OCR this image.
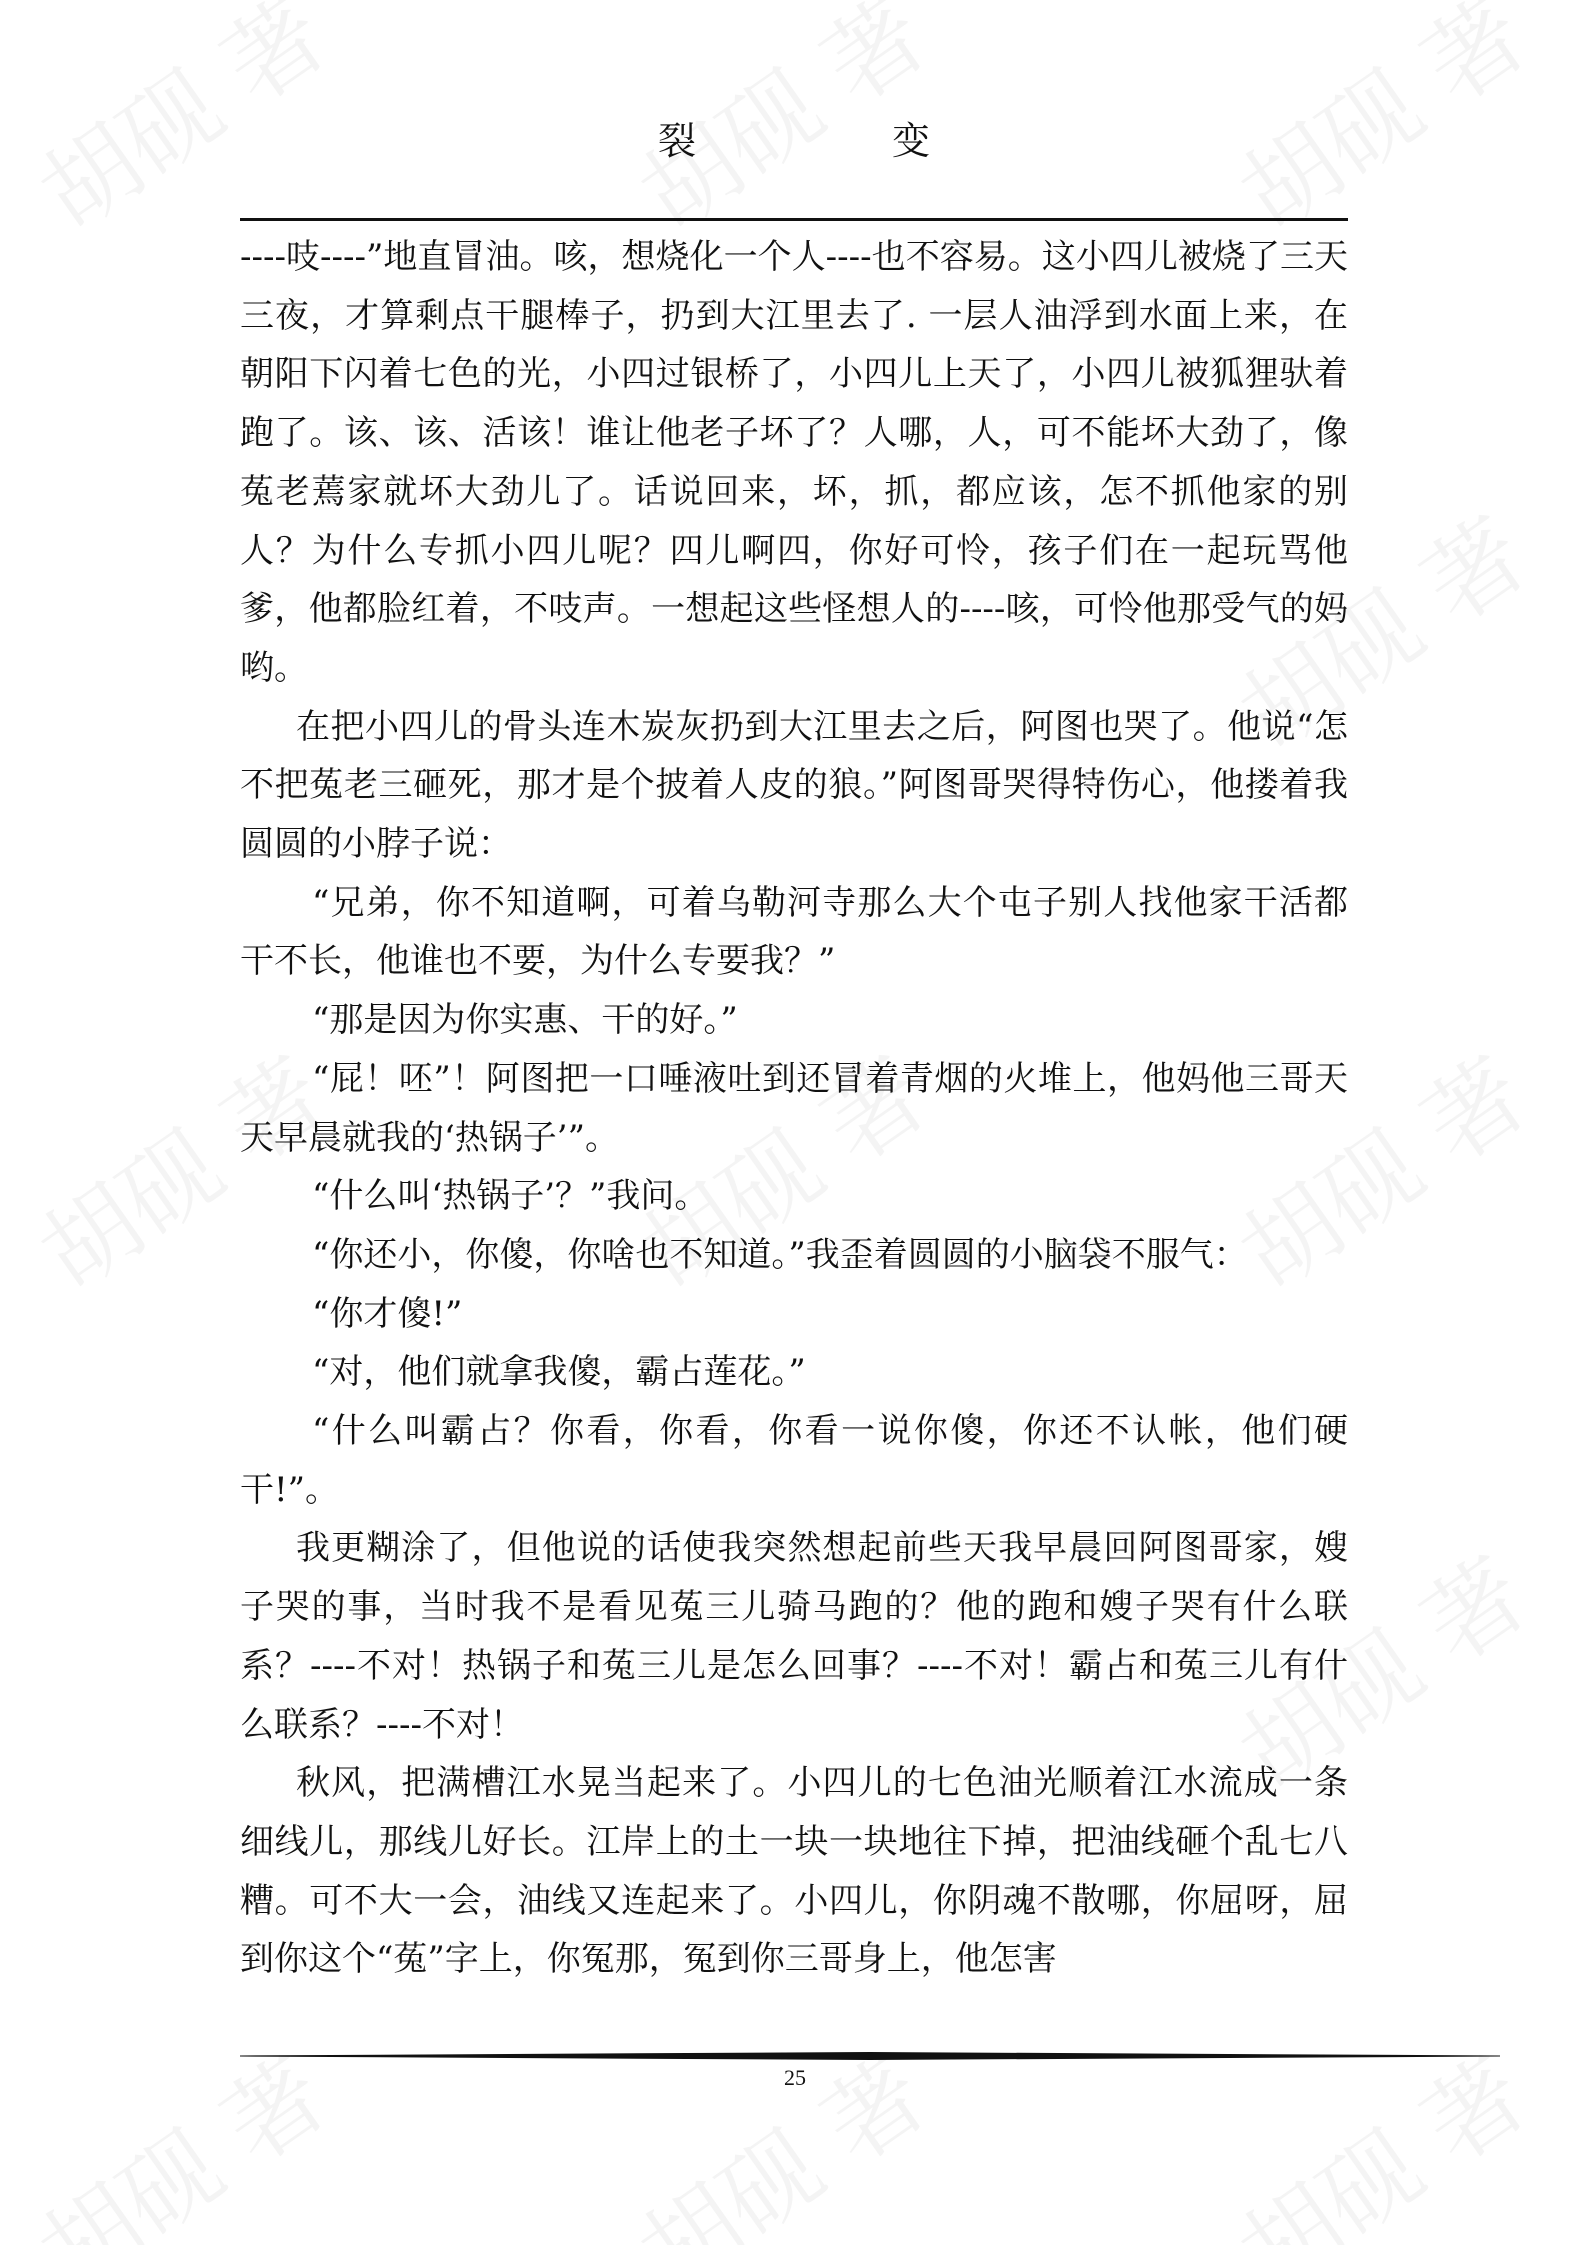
裂变

----吱----”地直冒油。咳，想烧化一个人----也不容易。这小四儿被烧了三天三夜，才算剩点干腿棒子，扔到大江里去了. 一层人油浮到水面上来，在朝阳下闪着七色的光，小四过银桥了，小四儿上天了，小四儿被狐狸驮着跑了。该、该、活该！谁让他老子坏了？人哪，人，可不能坏大劲了，像菟老蔫家就坏大劲儿了。话说回来，坏，抓，都应该，怎不抓他家的别人？为什么专抓小四儿呢？四儿啊四，你好可怜，孩子们在一起玩骂他爹，他都脸红着，不吱声。一想起这些怪想人的----咳，可怜他那受气的妈哟。

在把小四儿的骨头连木炭灰扔到大江里去之后，阿图也哭了。他说“怎不把菟老三砸死，那才是个披着人皮的狼。”阿图哥哭得特伤心，他搂着我圆圆的小脖子说：

“兄弟，你不知道啊，可着乌勒河寺那么大个屯子别人找他家干活都干不长，他谁也不要，为什么专要我？”

“那是因为你实惠、干的好。”

“屁！呸”！阿图把一口唾液吐到还冒着青烟的火堆上，他妈他三哥天天早晨就我的‘热锅子’”。

“什么叫‘热锅子’？”我问。

“你还小，你傻，你啥也不知道。”我歪着圆圆的小脑袋不服气：

“你才傻!”

“对，他们就拿我傻，霸占莲花。”

“什么叫霸占？你看，你看，你看一说你傻，你还不认帐，他们硬干!”。

我更糊涂了，但他说的话使我突然想起前些天我早晨回阿图哥家，嫂子哭的事，当时我不是看见菟三儿骑马跑的？他的跑和嫂子哭有什么联系？----不对！热锅子和菟三儿是怎么回事？----不对！霸占和菟三儿有什么联系？----不对！

秋风，把满槽江水晃当起来了。小四儿的七色油光顺着江水流成一条细线儿，那线儿好长。江岸上的土一块一块地往下掉，把油线砸个乱七八糟。可不大一会，油线又连起来了。小四儿，你阴魂不散哪，你屈呀，屈到你这个“菟”字上，你冤那，冤到你三哥身上，他怎害

25
